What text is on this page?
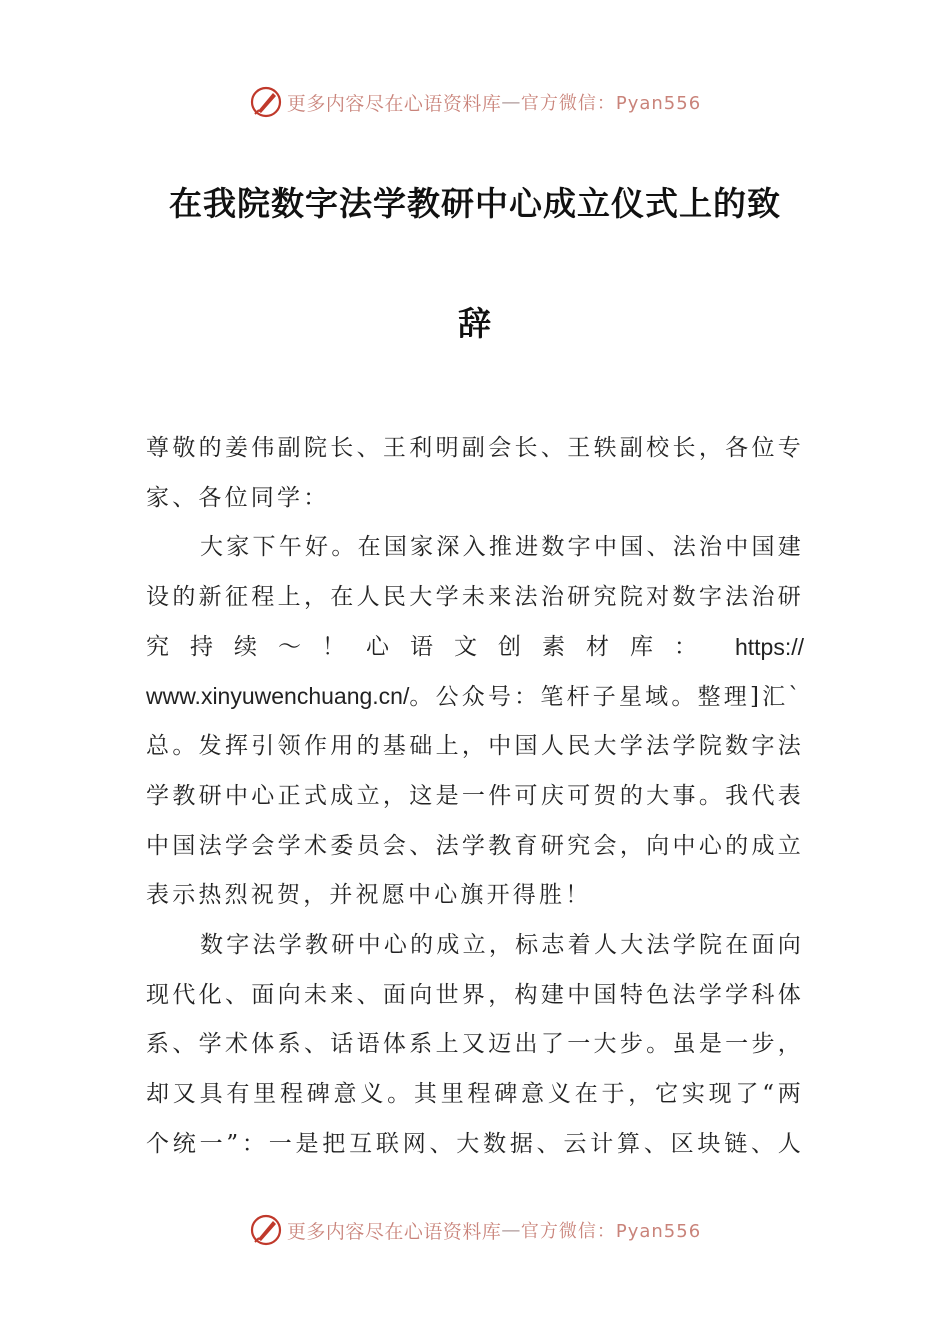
更多内容尽在心语资料库 — 官方微信：Pyan556
在我院数字法学教研中心成立仪式上的致
辞
尊敬的姜伟副院长、王利明副会长、王轶副校长，各位专
家、各位同学：
大家下午好。在国家深入推进数字中国、法治中国建
设的新征程上，在人民大学未来法治研究院对数字法治研
究持续～！心语文创素材库： https://
www.xinyuwenchuang.cn/。公众号：笔杆子星域。整理]汇`
总。发挥引领作用的基础上，中国人民大学法学院数字法
学教研中心正式成立，这是一件可庆可贺的大事。我代表
中国法学会学术委员会、法学教育研究会，向中心的成立
表示热烈祝贺，并祝愿中心旗开得胜！
数字法学教研中心的成立，标志着人大法学院在面向
现代化、面向未来、面向世界，构建中国特色法学学科体
系、学术体系、话语体系上又迈出了一大步。虽是一步，
却又具有里程碑意义。其里程碑意义在于，它实现了“两
个统一”：一是把互联网、大数据、云计算、区块链、人
更多内容尽在心语资料库 — 官方微信：Pyan556
